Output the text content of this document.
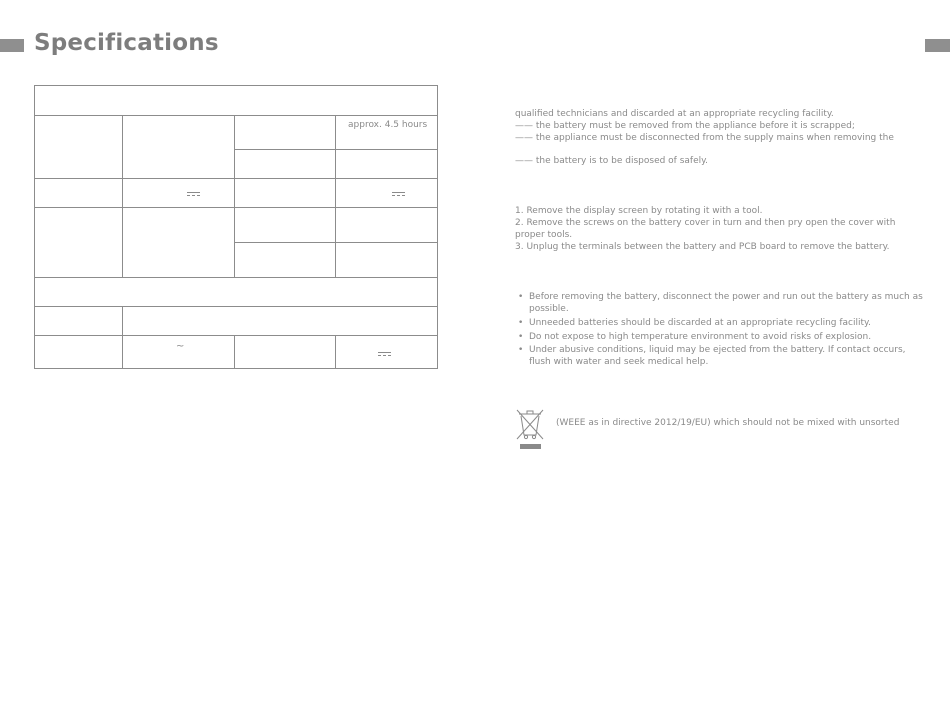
Specifications
approx. 4.5 hours
~
qualified technicians and discarded at an appropriate recycling facility.
—— the battery must be removed from the appliance before it is scrapped;
—— the appliance must be disconnected from the supply mains when removing the
—— the battery is to be disposed of safely.
1. Remove the display screen by rotating it with a tool.
2. Remove the screws on the battery cover in turn and then pry open the cover with
proper tools.
3. Unplug the terminals between the battery and PCB board to remove the battery.
• Before removing the battery, disconnect the power and run out the battery as much as
possible.
• Unneeded batteries should be discarded at an appropriate recycling facility.
• Do not expose to high temperature environment to avoid risks of explosion.
• Under abusive conditions, liquid may be ejected from the battery. If contact occurs,
flush with water and seek medical help.
(WEEE as in directive 2012/19/EU) which should not be mixed with unsorted
